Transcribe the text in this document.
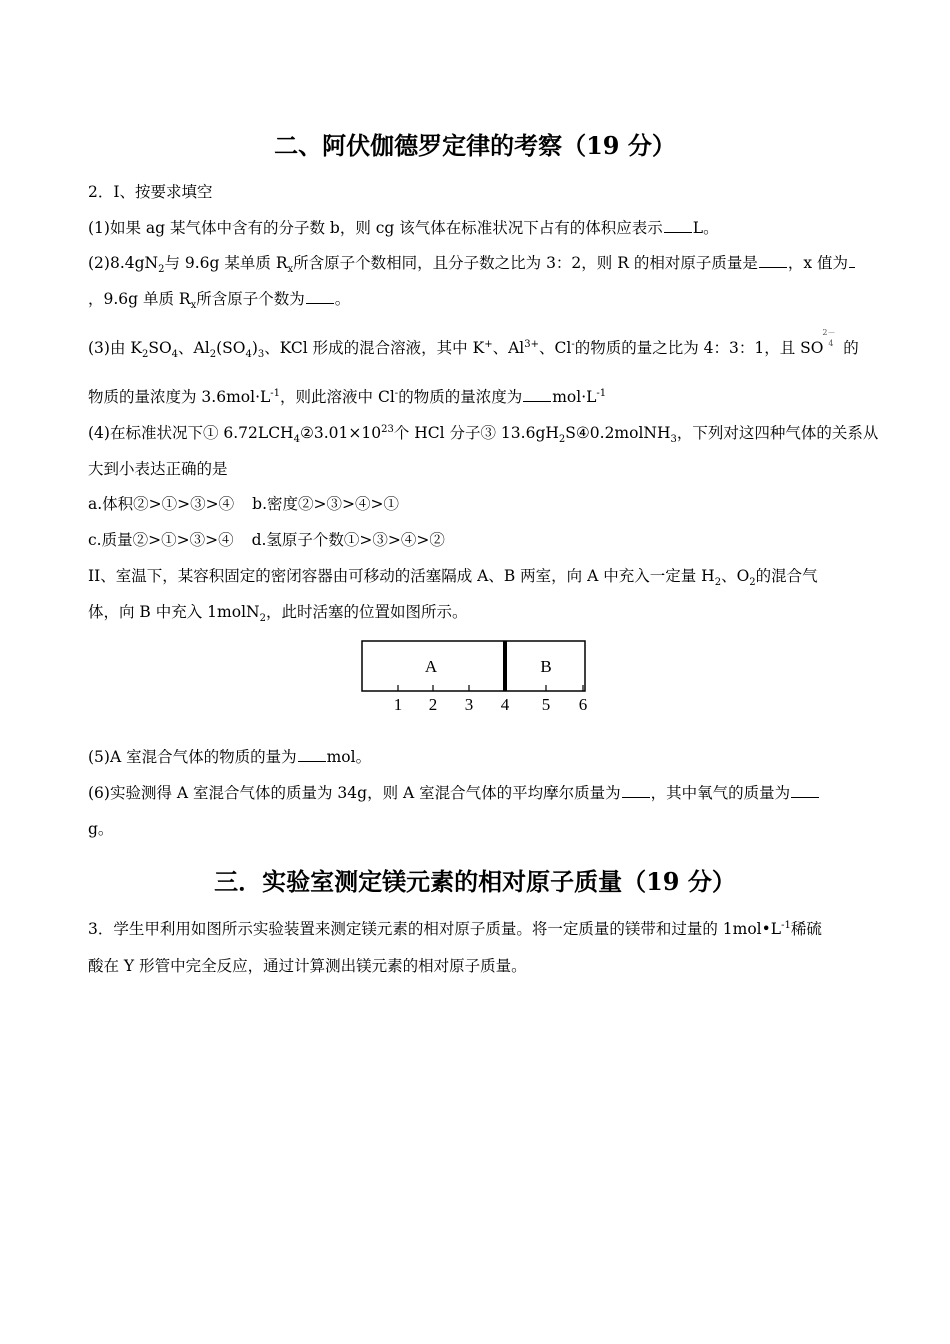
二、阿伏伽德罗定律的考察（19 分）
2．I、按要求填空
(1)如果 ag 某气体中含有的分子数 b，则 cg 该气体在标准状况下占有的体积应表示 L。
$(2)8.4gN_2$与 9.6g 某单质 $R_x$所含原子个数相同，且分子数之比为 3：2，则 R 的相对原子质量是 ，x 值为
，9.6g 单质 $R_x$所含原子个数为 。
(3)由 $K_2SO_4$、$Al_2(SO_4)_3$、KCl 形成的混合溶液，其中 K+、$Al^{3+}$、Cl-的物质的量之比为 4：3：1，且 SO
2－
4 的
物质的量浓度为 $3.6mol\cdot L^{-1}$，则此溶液中 Cl-的物质的量浓度为 $mol\cdot L^{-1}$
(4)在标准状况下① $6.72LCH_4②3.01\times 10^{23}$个 HCl 分子③ $13.6gH_2S④0.2molNH_3$，下列对这四种气体的关系从
大到小表达正确的是
a.体积②>①>③>④ b.密度②>③>④>①
c.质量②>①>③>④ d.氢原子个数①>③>④>②
II、室温下，某容积固定的密闭容器由可移动的活塞隔成 A、B 两室，向 A 中充入一定量 $H_2$、$O_2$的混合气
体，向 B 中充入 1molN$_2$，此时活塞的位置如图所示。
A	B
1 2 3 4 5 6
(5)A 室混合气体的物质的量为 mol。
(6)实验测得 A 室混合气体的质量为 34g，则 A 室混合气体的平均摩尔质量为 ，其中氧气的质量为
g。
三．实验室测定镁元素的相对原子质量（19 分）
3．学生甲利用如图所示实验装置来测定镁元素的相对原子质量。将一定质量的镁带和过量的 $1mol•L^{-1}$稀硫
酸在 Y 形管中完全反应，通过计算测出镁元素的相对原子质量。
